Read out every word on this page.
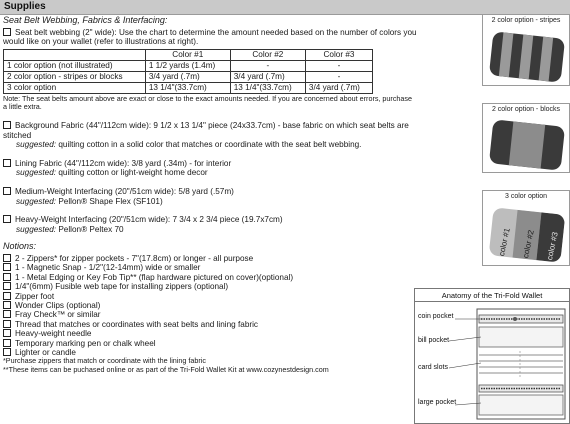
Supplies
Seat Belt Webbing, Fabrics & Interfacing:
Seat belt webbing (2" wide): Use the chart to determine the amount needed based on the number of colors you would like on your wallet (refer to illustrations at right).
	Color #1	Color #2	Color #3
1 color option (not illustrated)	1 1/2 yards (1.4m)	-	-
2 color option - stripes or blocks	3/4 yard (.7m)	3/4 yard (.7m)	-
3 color option	13 1/4"(33.7cm)	13 1/4"(33.7cm)	3/4 yard (.7m)
Note: The seat belts amount above are exact or close to the exact amounts needed. If you are concerned about errors, purchase a little extra.
Background Fabric (44"/112cm wide): 9 1/2 x 13 1/4" piece (24x33.7cm) - base fabric on which seat belts are stitched
suggested: quilting cotton in a solid color that matches or coordinate with the seat belt webbing.
Lining Fabric (44"/112cm wide): 3/8 yard (.34m) - for interior
suggested: quilting cotton or light-weight home decor
Medium-Weight Interfacing (20"/51cm wide): 5/8 yard (.57m)
suggested: Pellon® Shape Flex (SF101)
Heavy-Weight Interfacing (20"/51cm wide): 7 3/4 x 2 3/4 piece (19.7x7cm)
suggested: Pellon® Peltex 70
Notions:
2 - Zippers* for zipper pockets - 7"(17.8cm) or longer - all purpose
1 - Magnetic Snap - 1/2"(12-14mm) wide or smaller
1 - Metal Edging or Key Fob Tip** (flap hardware pictured on cover)(optional)
1/4"(6mm) Fusible web tape for installing zippers (optional)
Zipper foot
Wonder Clips (optional)
Fray Check™ or similar
Thread that matches or coordinates with seat belts and lining fabric
Heavy-weight needle
Temporary marking pen or chalk wheel
Lighter or candle
*Purchase zippers that match or coordinate with the lining fabric
**These items can be puchased online or as part of the Tri-Fold Wallet Kit at www.cozynestdesign.com
2 color option - stripes
2 color option - blocks
3 color option
color #1 color #2 color #3
Anatomy of the Tri-Fold Wallet
coin pocket
bill pocket
card slots
large pocket
